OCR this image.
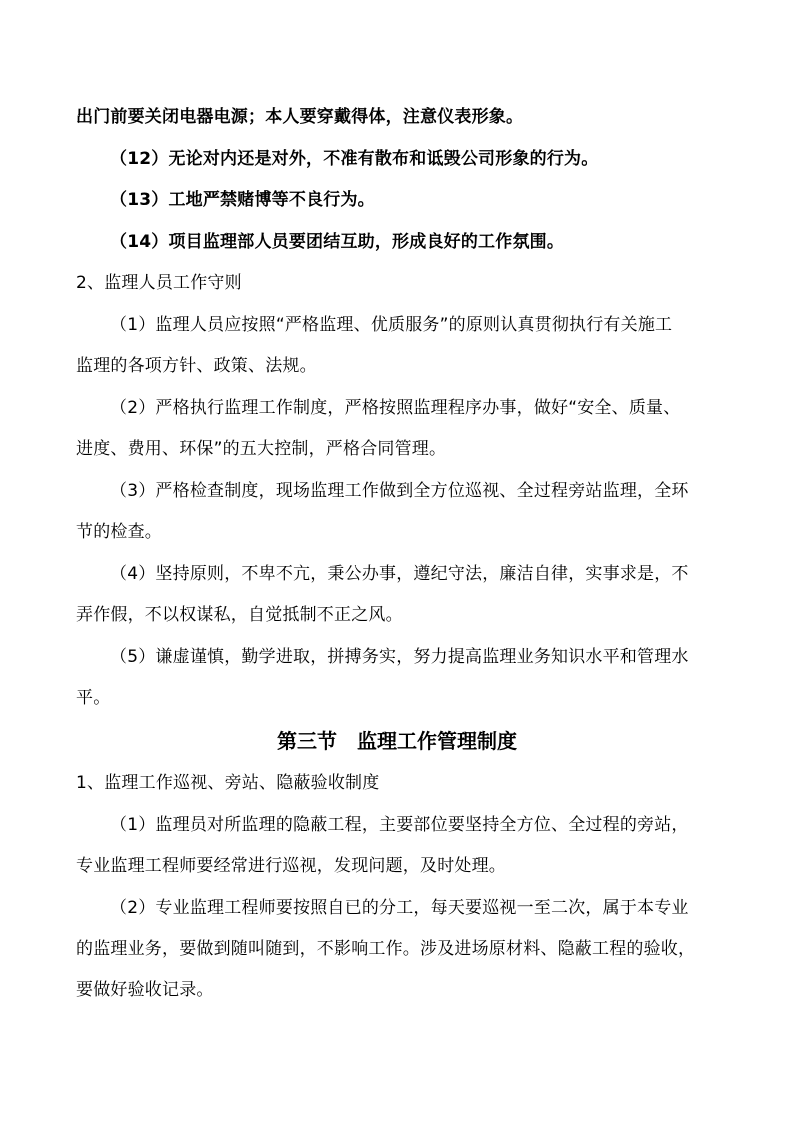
出门前要关闭电器电源；本人要穿戴得体，注意仪表形象。

（12）无论对内还是对外，不准有散布和诋毁公司形象的行为。

（13）工地严禁赌博等不良行为。

（14）项目监理部人员要团结互助，形成良好的工作氛围。

2、监理人员工作守则

（1）监理人员应按照“严格监理、优质服务”的原则认真贯彻执行有关施工

监理的各项方针、政策、法规。

（2）严格执行监理工作制度，严格按照监理程序办事，做好“安全、质量、

进度、费用、环保”的五大控制，严格合同管理。

（3）严格检查制度，现场监理工作做到全方位巡视、全过程旁站监理，全环

节的检查。

（4）坚持原则，不卑不亢，秉公办事，遵纪守法，廉洁自律，实事求是，不

弄作假，不以权谋私，自觉抵制不正之风。

（5）谦虚谨慎，勤学进取，拼搏务实，努力提高监理业务知识水平和管理水

平。

第三节　监理工作管理制度

1、监理工作巡视、旁站、隐蔽验收制度

（1）监理员对所监理的隐蔽工程，主要部位要坚持全方位、全过程的旁站，

专业监理工程师要经常进行巡视，发现问题，及时处理。

（2）专业监理工程师要按照自已的分工，每天要巡视一至二次，属于本专业

的监理业务，要做到随叫随到，不影响工作。涉及进场原材料、隐蔽工程的验收，

要做好验收记录。
